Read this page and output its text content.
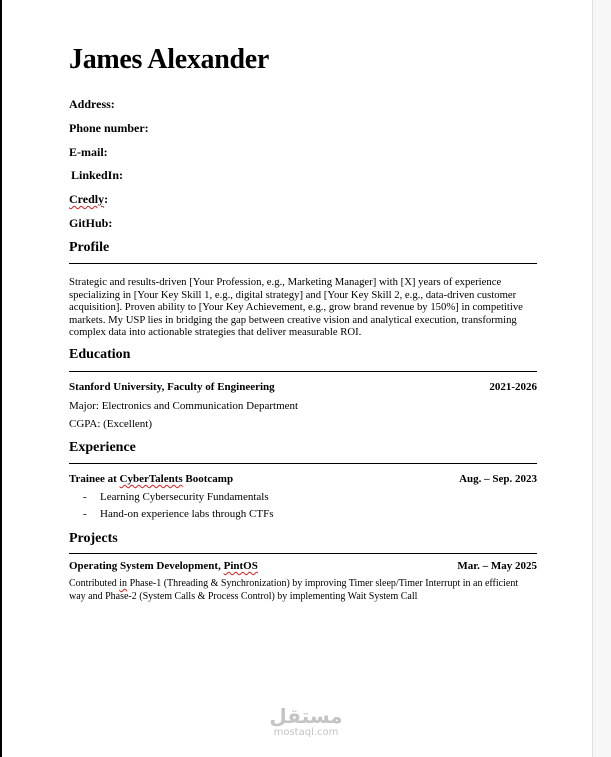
James Alexander
Address:
Phone number:
E-mail:
LinkedIn:
Credly:
GitHub:
Profile
Strategic and results-driven [Your Profession, e.g., Marketing Manager] with [X] years of experience specializing in [Your Key Skill 1, e.g., digital strategy] and [Your Key Skill 2, e.g., data-driven customer acquisition]. Proven ability to [Your Key Achievement, e.g., grow brand revenue by 150%] in competitive markets. My USP lies in bridging the gap between creative vision and analytical execution, transforming complex data into actionable strategies that deliver measurable ROI.
Education
Stanford University, Faculty of Engineering	2021-2026
Major: Electronics and Communication Department
CGPA: (Excellent)
Experience
Trainee at CyberTalents Bootcamp	Aug. – Sep. 2023
- Learning Cybersecurity Fundamentals
- Hand-on experience labs through CTFs
Projects
Operating System Development, PintOS	Mar. – May 2025
Contributed in Phase-1 (Threading & Synchronization) by improving Timer sleep/Timer Interrupt in an efficient
way and Phase-2 (System Calls & Process Control) by implementing Wait System Call
مستقل
mostaql.com
